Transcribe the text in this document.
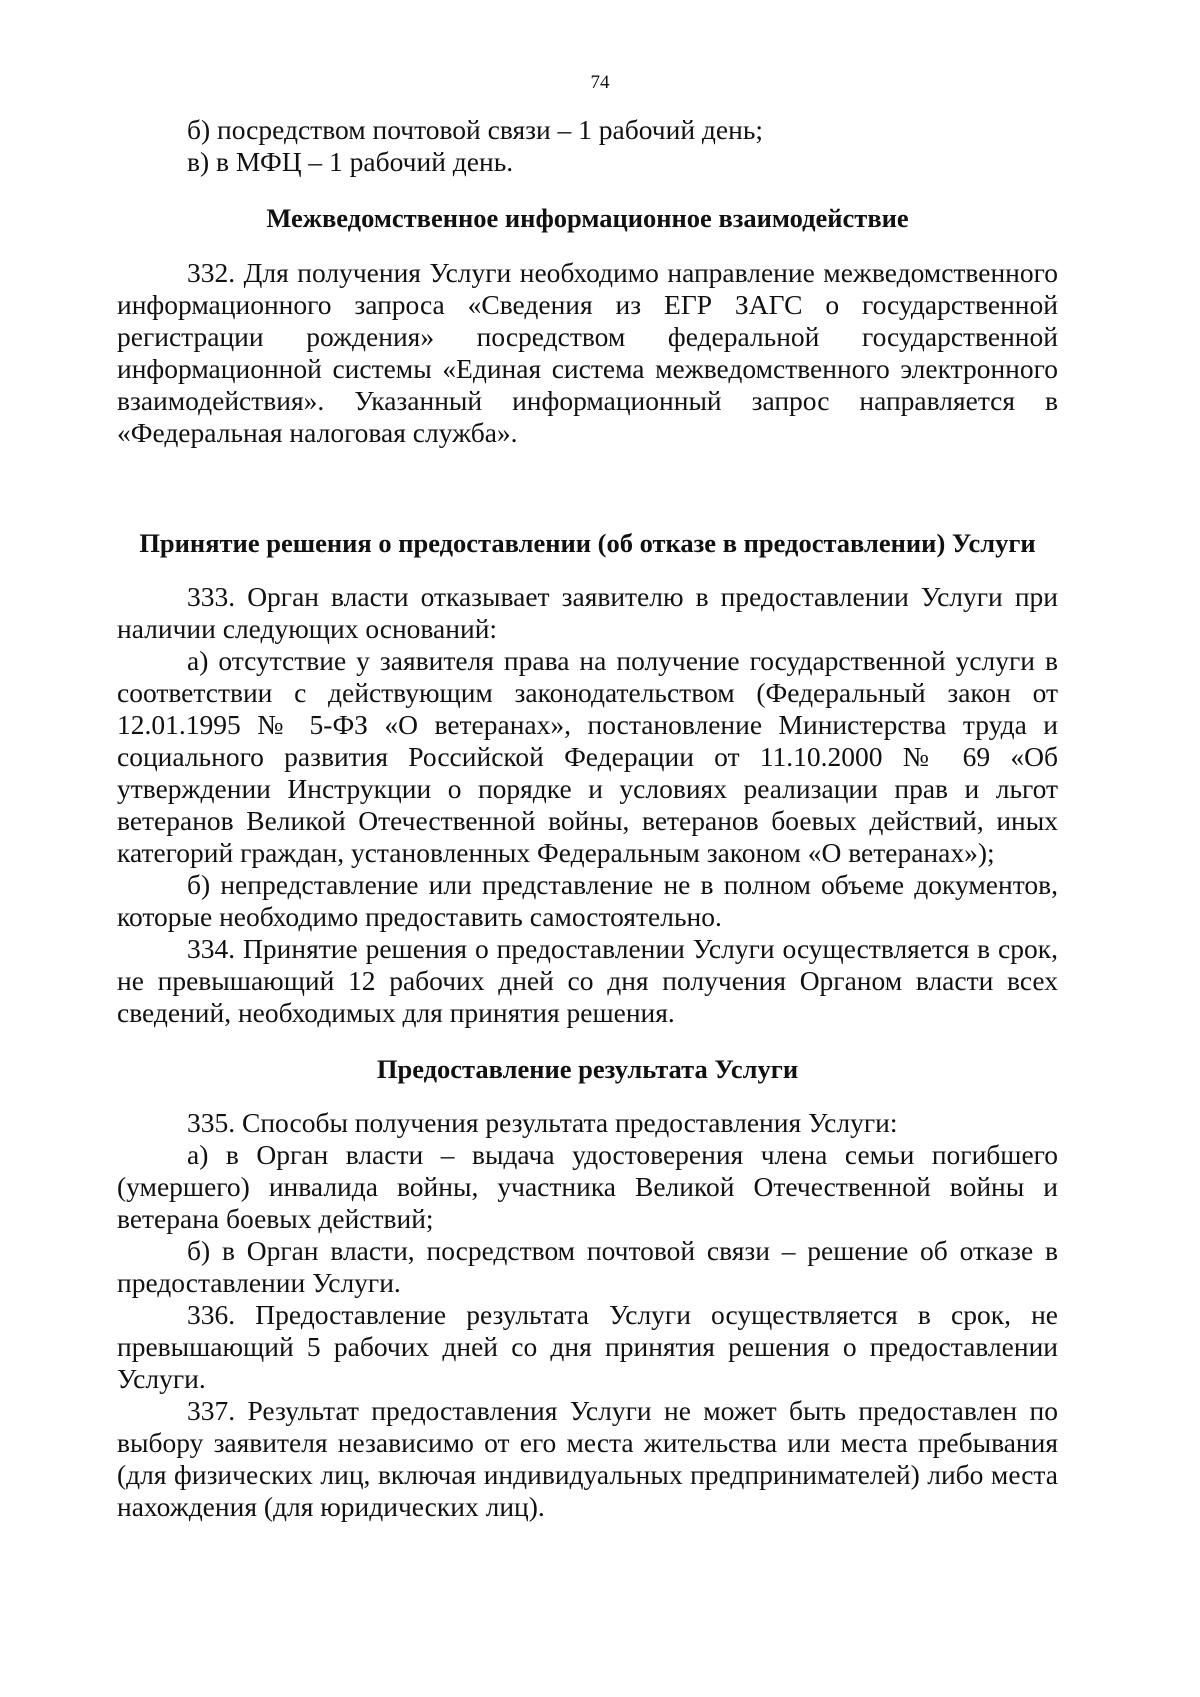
74

б) посредством почтовой связи – 1 рабочий день;

в) в МФЦ – 1 рабочий день.

Межведомственное информационное взаимодействие

332. Для получения Услуги необходимо направление межведомственного информационного запроса «Сведения из ЕГР ЗАГС о государственной регистрации рождения» посредством федеральной государственной информационной системы «Единая система межведомственного электронного взаимодействия». Указанный информационный запрос направляется в «Федеральная налоговая служба».

Принятие решения о предоставлении (об отказе в предоставлении) Услуги

333. Орган власти отказывает заявителю в предоставлении Услуги при наличии следующих оснований:

а) отсутствие у заявителя права на получение государственной услуги в соответствии с действующим законодательством (Федеральный закон от 12.01.1995 № 5-ФЗ «О ветеранах», постановление Министерства труда и социального развития Российской Федерации от 11.10.2000 № 69 «Об утверждении Инструкции о порядке и условиях реализации прав и льгот ветеранов Великой Отечественной войны, ветеранов боевых действий, иных категорий граждан, установленных Федеральным законом «О ветеранах»);

б) непредставление или представление не в полном объеме документов, которые необходимо предоставить самостоятельно.

334. Принятие решения о предоставлении Услуги осуществляется в срок, не превышающий 12 рабочих дней со дня получения Органом власти всех сведений, необходимых для принятия решения.

Предоставление результата Услуги

335. Способы получения результата предоставления Услуги:

а) в Орган власти – выдача удостоверения члена семьи погибшего (умершего) инвалида войны, участника Великой Отечественной войны и ветерана боевых действий;

б) в Орган власти, посредством почтовой связи – решение об отказе в предоставлении Услуги.

336. Предоставление результата Услуги осуществляется в срок, не превышающий 5 рабочих дней со дня принятия решения о предоставлении Услуги.

337. Результат предоставления Услуги не может быть предоставлен по выбору заявителя независимо от его места жительства или места пребывания (для физических лиц, включая индивидуальных предпринимателей) либо места нахождения (для юридических лиц).
